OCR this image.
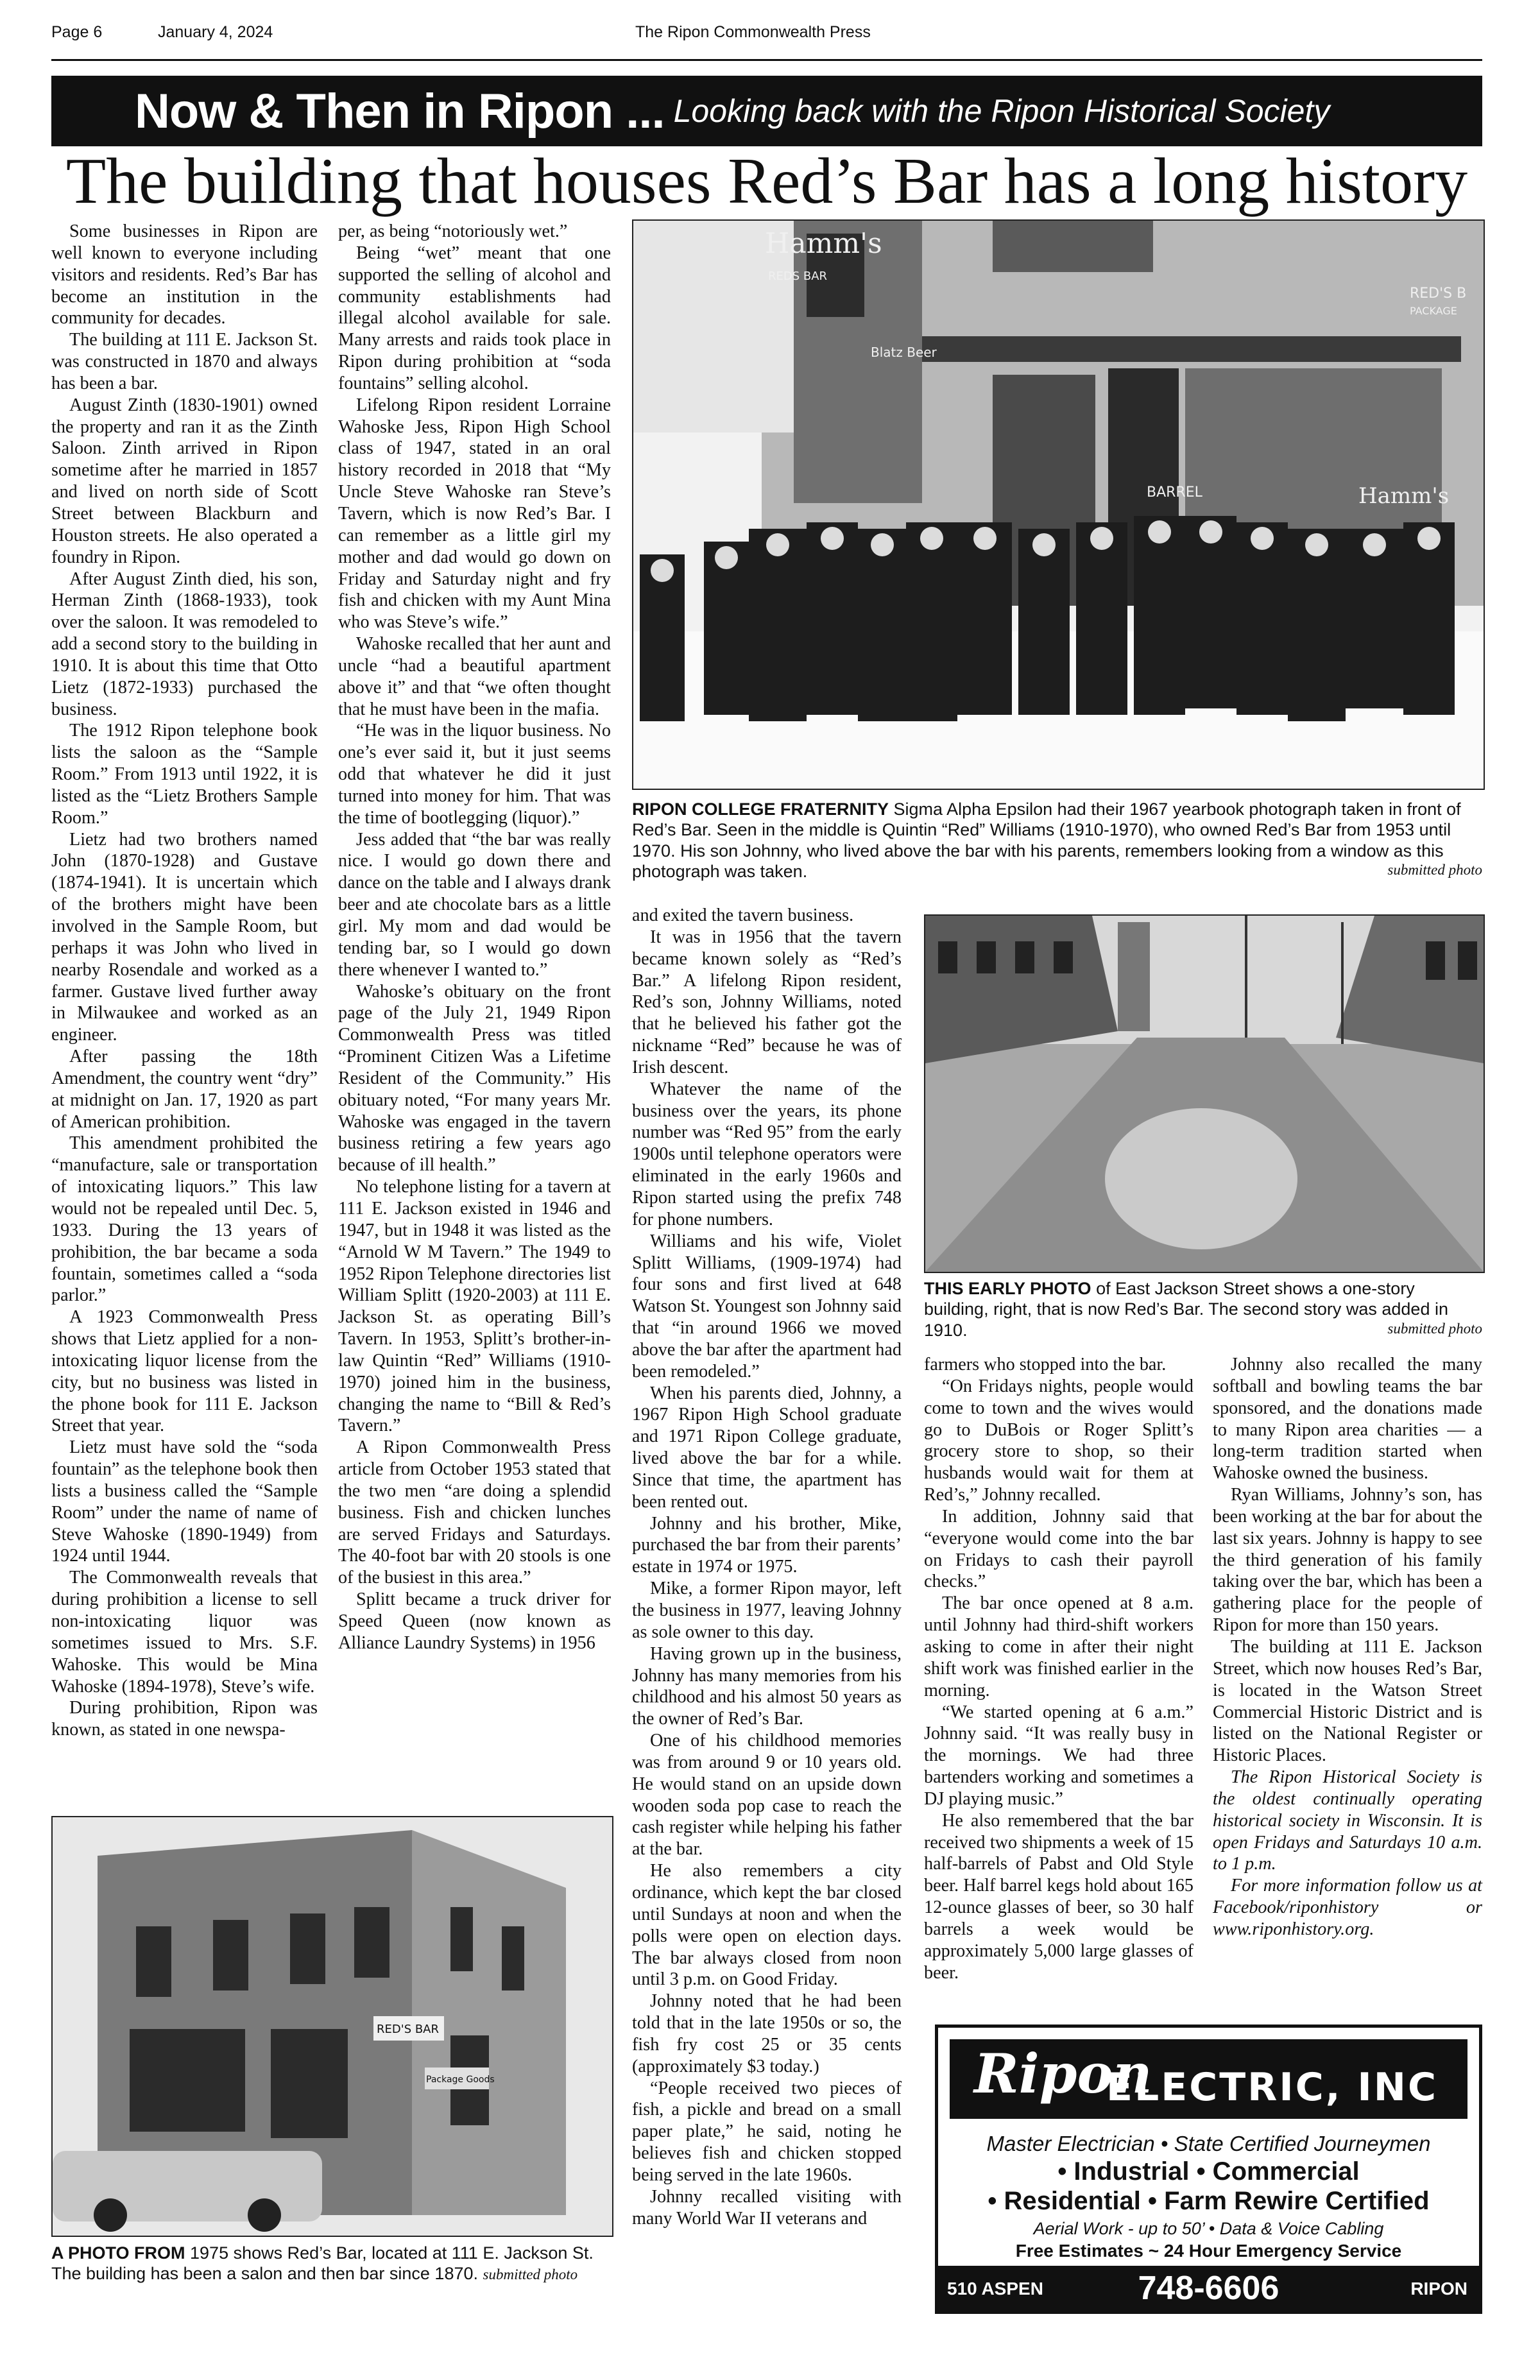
Page 6	January 4, 2024	The Ripon Commonwealth Press
Now & Then in Ripon ... Looking back with the Ripon Historical Society
The building that houses Red’s Bar has a long history

Some businesses in Ripon are well known to everyone including visitors and residents. Red’s Bar has become an institution in the community for decades.

The building at 111 E. Jackson St. was constructed in 1870 and always has been a bar.

August Zinth (1830-1901) owned the property and ran it as the Zinth Saloon. Zinth arrived in Ripon sometime after he married in 1857 and lived on north side of Scott Street between Blackburn and Houston streets. He also operated a foundry in Ripon.

After August Zinth died, his son, Herman Zinth (1868-1933), took over the saloon. It was remodeled to add a second story to the building in 1910. It is about this time that Otto Lietz (1872-1933) purchased the business.

The 1912 Ripon telephone book lists the saloon as the “Sample Room.” From 1913 until 1922, it is listed as the “Lietz Brothers Sample Room.”

Lietz had two brothers named John (1870-1928) and Gustave (1874-1941). It is uncertain which of the brothers might have been involved in the Sample Room, but perhaps it was John who lived in nearby Rosendale and worked as a farmer. Gustave lived further away in Milwaukee and worked as an engineer.

After passing the 18th Amendment, the country went “dry” at midnight on Jan. 17, 1920 as part of American prohibition.

This amendment prohibited the “manufacture, sale or transportation of intoxicating liquors.” This law would not be repealed until Dec. 5, 1933. During the 13 years of prohibition, the bar became a soda fountain, sometimes called a “soda parlor.”

A 1923 Commonwealth Press shows that Lietz applied for a non-intoxicating liquor license from the city, but no business was listed in the phone book for 111 E. Jackson Street that year.

Lietz must have sold the “soda fountain” as the telephone book then lists a business called the “Sample Room” under the name of name of Steve Wahoske (1890-1949) from 1924 until 1944.

The Commonwealth reveals that during prohibition a license to sell non-intoxicating liquor was sometimes issued to Mrs. S.F. Wahoske. This would be Mina Wahoske (1894-1978), Steve’s wife.

During prohibition, Ripon was known, as stated in one newspa-

per, as being “notoriously wet.”

Being “wet” meant that one supported the selling of alcohol and community establishments had illegal alcohol available for sale. Many arrests and raids took place in Ripon during prohibition at “soda fountains” selling alcohol.

Lifelong Ripon resident Lorraine Wahoske Jess, Ripon High School class of 1947, stated in an oral history recorded in 2018 that “My Uncle Steve Wahoske ran Steve’s Tavern, which is now Red’s Bar. I can remember as a little girl my mother and dad would go down on Friday and Saturday night and fry fish and chicken with my Aunt Mina who was Steve’s wife.”

Wahoske recalled that her aunt and uncle “had a beautiful apartment above it” and that “we often thought that he must have been in the mafia.

“He was in the liquor business. No one’s ever said it, but it just seems odd that whatever he did it just turned into money for him. That was the time of bootlegging (liquor).”

Jess added that “the bar was really nice. I would go down there and dance on the table and I always drank beer and ate chocolate bars as a little girl. My mom and dad would be tending bar, so I would go down there whenever I wanted to.”

Wahoske’s obituary on the front page of the July 21, 1949 Ripon Commonwealth Press was titled “Prominent Citizen Was a Lifetime Resident of the Community.” His obituary noted, “For many years Mr. Wahoske was engaged in the tavern business retiring a few years ago because of ill health.”

No telephone listing for a tavern at 111 E. Jackson existed in 1946 and 1947, but in 1948 it was listed as the “Arnold W M Tavern.” The 1949 to 1952 Ripon Telephone directories list William Splitt (1920-2003) at 111 E. Jackson St. as operating Bill’s Tavern. In 1953, Splitt’s brother-in-law Quintin “Red” Williams (1910-1970) joined him in the business, changing the name to “Bill & Red’s Tavern.”

A Ripon Commonwealth Press article from October 1953 stated that the two men “are doing a splendid business. Fish and chicken lunches are served Fridays and Saturdays. The 40-foot bar with 20 stools is one of the busiest in this area.”

Splitt became a truck driver for Speed Queen (now known as Alliance Laundry Systems) in 1956

Hamm's
REDS BAR
Blatz Beer
RED'S B
PACKAGE
Hamm's
BARREL
RIPON COLLEGE FRATERNITY Sigma Alpha Epsilon had their 1967 yearbook photograph taken in front of Red’s Bar. Seen in the middle is Quintin “Red” Williams (1910-1970), who owned Red’s Bar from 1953 until 1970. His son Johnny, who lived above the bar with his parents, remembers looking from a window as this photograph was taken.	submitted photo

and exited the tavern business.

It was in 1956 that the tavern became known solely as “Red’s Bar.” A lifelong Ripon resident, Red’s son, Johnny Williams, noted that he believed his father got the nickname “Red” because he was of Irish descent.

Whatever the name of the business over the years, its phone number was “Red 95” from the early 1900s until telephone operators were eliminated in the early 1960s and Ripon started using the prefix 748 for phone numbers.

Williams and his wife, Violet Splitt Williams, (1909-1974) had four sons and first lived at 648 Watson St. Youngest son Johnny said that “in around 1966 we moved above the bar after the apartment had been remodeled.”

When his parents died, Johnny, a 1967 Ripon High School graduate and 1971 Ripon College graduate, lived above the bar for a while. Since that time, the apartment has been rented out.

Johnny and his brother, Mike, purchased the bar from their parents’ estate in 1974 or 1975.

Mike, a former Ripon mayor, left the business in 1977, leaving Johnny as sole owner to this day.

Having grown up in the business, Johnny has many memories from his childhood and his almost 50 years as the owner of Red’s Bar.

One of his childhood memories was from around 9 or 10 years old. He would stand on an upside down wooden soda pop case to reach the cash register while helping his father at the bar.

He also remembers a city ordinance, which kept the bar closed until Sundays at noon and when the polls were open on election days. The bar always closed from noon until 3 p.m. on Good Friday.

Johnny noted that he had been told that in the late 1950s or so, the fish fry cost 25 or 35 cents (approximately $3 today.)

“People received two pieces of fish, a pickle and bread on a small paper plate,” he said, noting he believes fish and chicken stopped being served in the late 1960s.

Johnny recalled visiting with many World War II veterans and

THIS EARLY PHOTO of East Jackson Street shows a one-story building, right, that is now Red’s Bar. The second story was added in 1910.	submitted photo

farmers who stopped into the bar.

“On Fridays nights, people would come to town and the wives would go to DuBois or Roger Splitt’s grocery store to shop, so their husbands would wait for them at Red’s,” Johnny recalled.

In addition, Johnny said that “everyone would come into the bar on Fridays to cash their payroll checks.”

The bar once opened at 8 a.m. until Johnny had third-shift workers asking to come in after their night shift work was finished earlier in the morning.

“We started opening at 6 a.m.” Johnny said. “It was really busy in the mornings. We had three bartenders working and sometimes a DJ playing music.”

He also remembered that the bar received two shipments a week of 15 half-barrels of Pabst and Old Style beer. Half barrel kegs hold about 165 12-ounce glasses of beer, so 30 half barrels a week would be approximately 5,000 large glasses of beer.

Johnny also recalled the many softball and bowling teams the bar sponsored, and the donations made to many Ripon area charities — a long-term tradition started when Wahoske owned the business.

Ryan Williams, Johnny’s son, has been working at the bar for about the last six years. Johnny is happy to see the third generation of his family taking over the bar, which has been a gathering place for the people of Ripon for more than 150 years.

The building at 111 E. Jackson Street, which now houses Red’s Bar, is located in the Watson Street Commercial Historic District and is listed on the National Register or Historic Places.

The Ripon Historical Society is the oldest continually operating historical society in Wisconsin. It is open Fridays and Saturdays 10 a.m. to 1 p.m.

For more information follow us at Facebook/riponhistory or www.riponhistory.org.

RED'S BAR
Package Goods
A PHOTO FROM 1975 shows Red’s Bar, located at 111 E. Jackson St. The building has been a salon and then bar since 1870. submitted photo
Ripon
ELECTRIC, INC
Master Electrician • State Certified Journeymen
• Industrial • Commercial
• Residential • Farm Rewire Certified
Aerial Work - up to 50’ • Data & Voice Cabling
Free Estimates ~ 24 Hour Emergency Service
510 ASPEN	748-6606	RIPON
